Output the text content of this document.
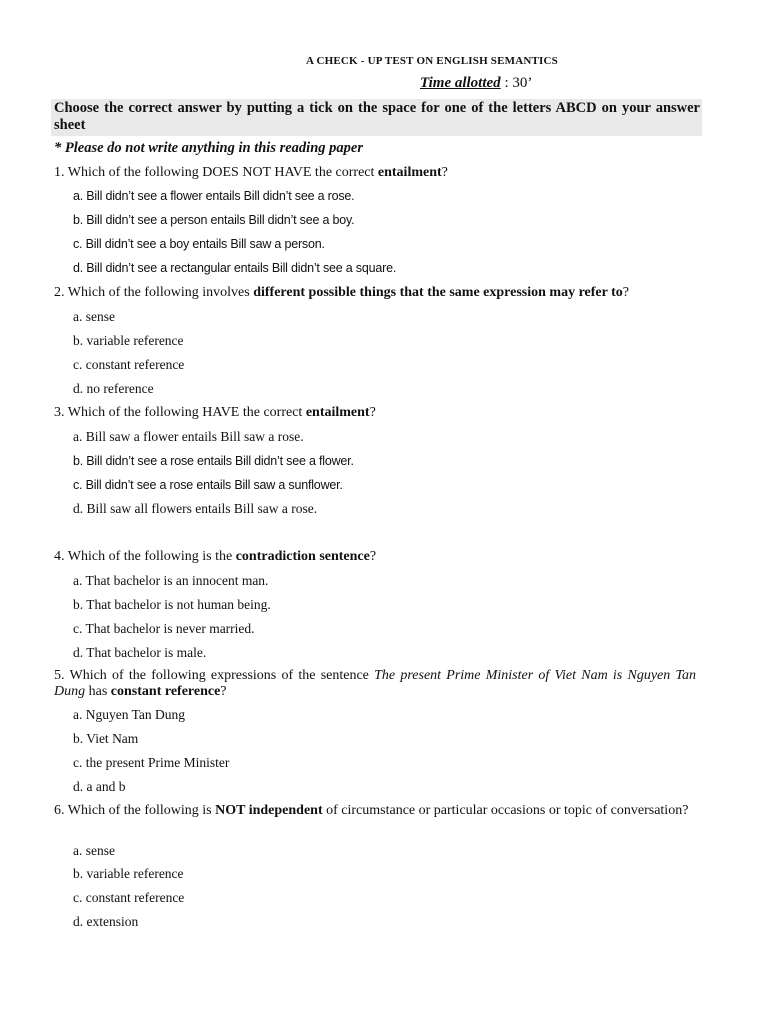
A CHECK - UP TEST ON ENGLISH SEMANTICS
Time allotted : 30’
Choose the correct answer by putting a tick on the space for one of the letters ABCD on your answer sheet
* Please do not write anything in this reading paper
1. Which of the following DOES NOT HAVE the correct entailment?
a. Bill didn’t see a flower entails Bill didn’t see a rose.
b. Bill didn’t see a person entails Bill didn’t see a boy.
c. Bill didn’t see a boy entails Bill saw a person.
d. Bill didn’t see a rectangular entails Bill didn’t see a square.
2. Which of the following involves different possible things that the same expression may refer to?
a. sense
b. variable reference
c. constant reference
d. no reference
3. Which of the following HAVE the correct entailment?
a. Bill saw a flower entails Bill saw a rose.
b. Bill didn’t see a rose entails Bill didn’t see a flower.
c. Bill didn’t see a rose entails Bill saw a sunflower.
d. Bill saw all flowers entails Bill saw a rose.
4. Which of the following is the contradiction sentence?
a. That bachelor is an innocent man.
b. That bachelor is not human being.
c. That bachelor is never married.
d. That bachelor is male.
5. Which of the following expressions of the sentence The present Prime Minister of Viet Nam is Nguyen Tan Dung has constant reference?
a. Nguyen Tan Dung
b. Viet Nam
c. the present Prime Minister
d. a and b
6. Which of the following is NOT independent of circumstance or particular occasions or topic of conversation?
a. sense
b. variable reference
c. constant reference
d. extension
